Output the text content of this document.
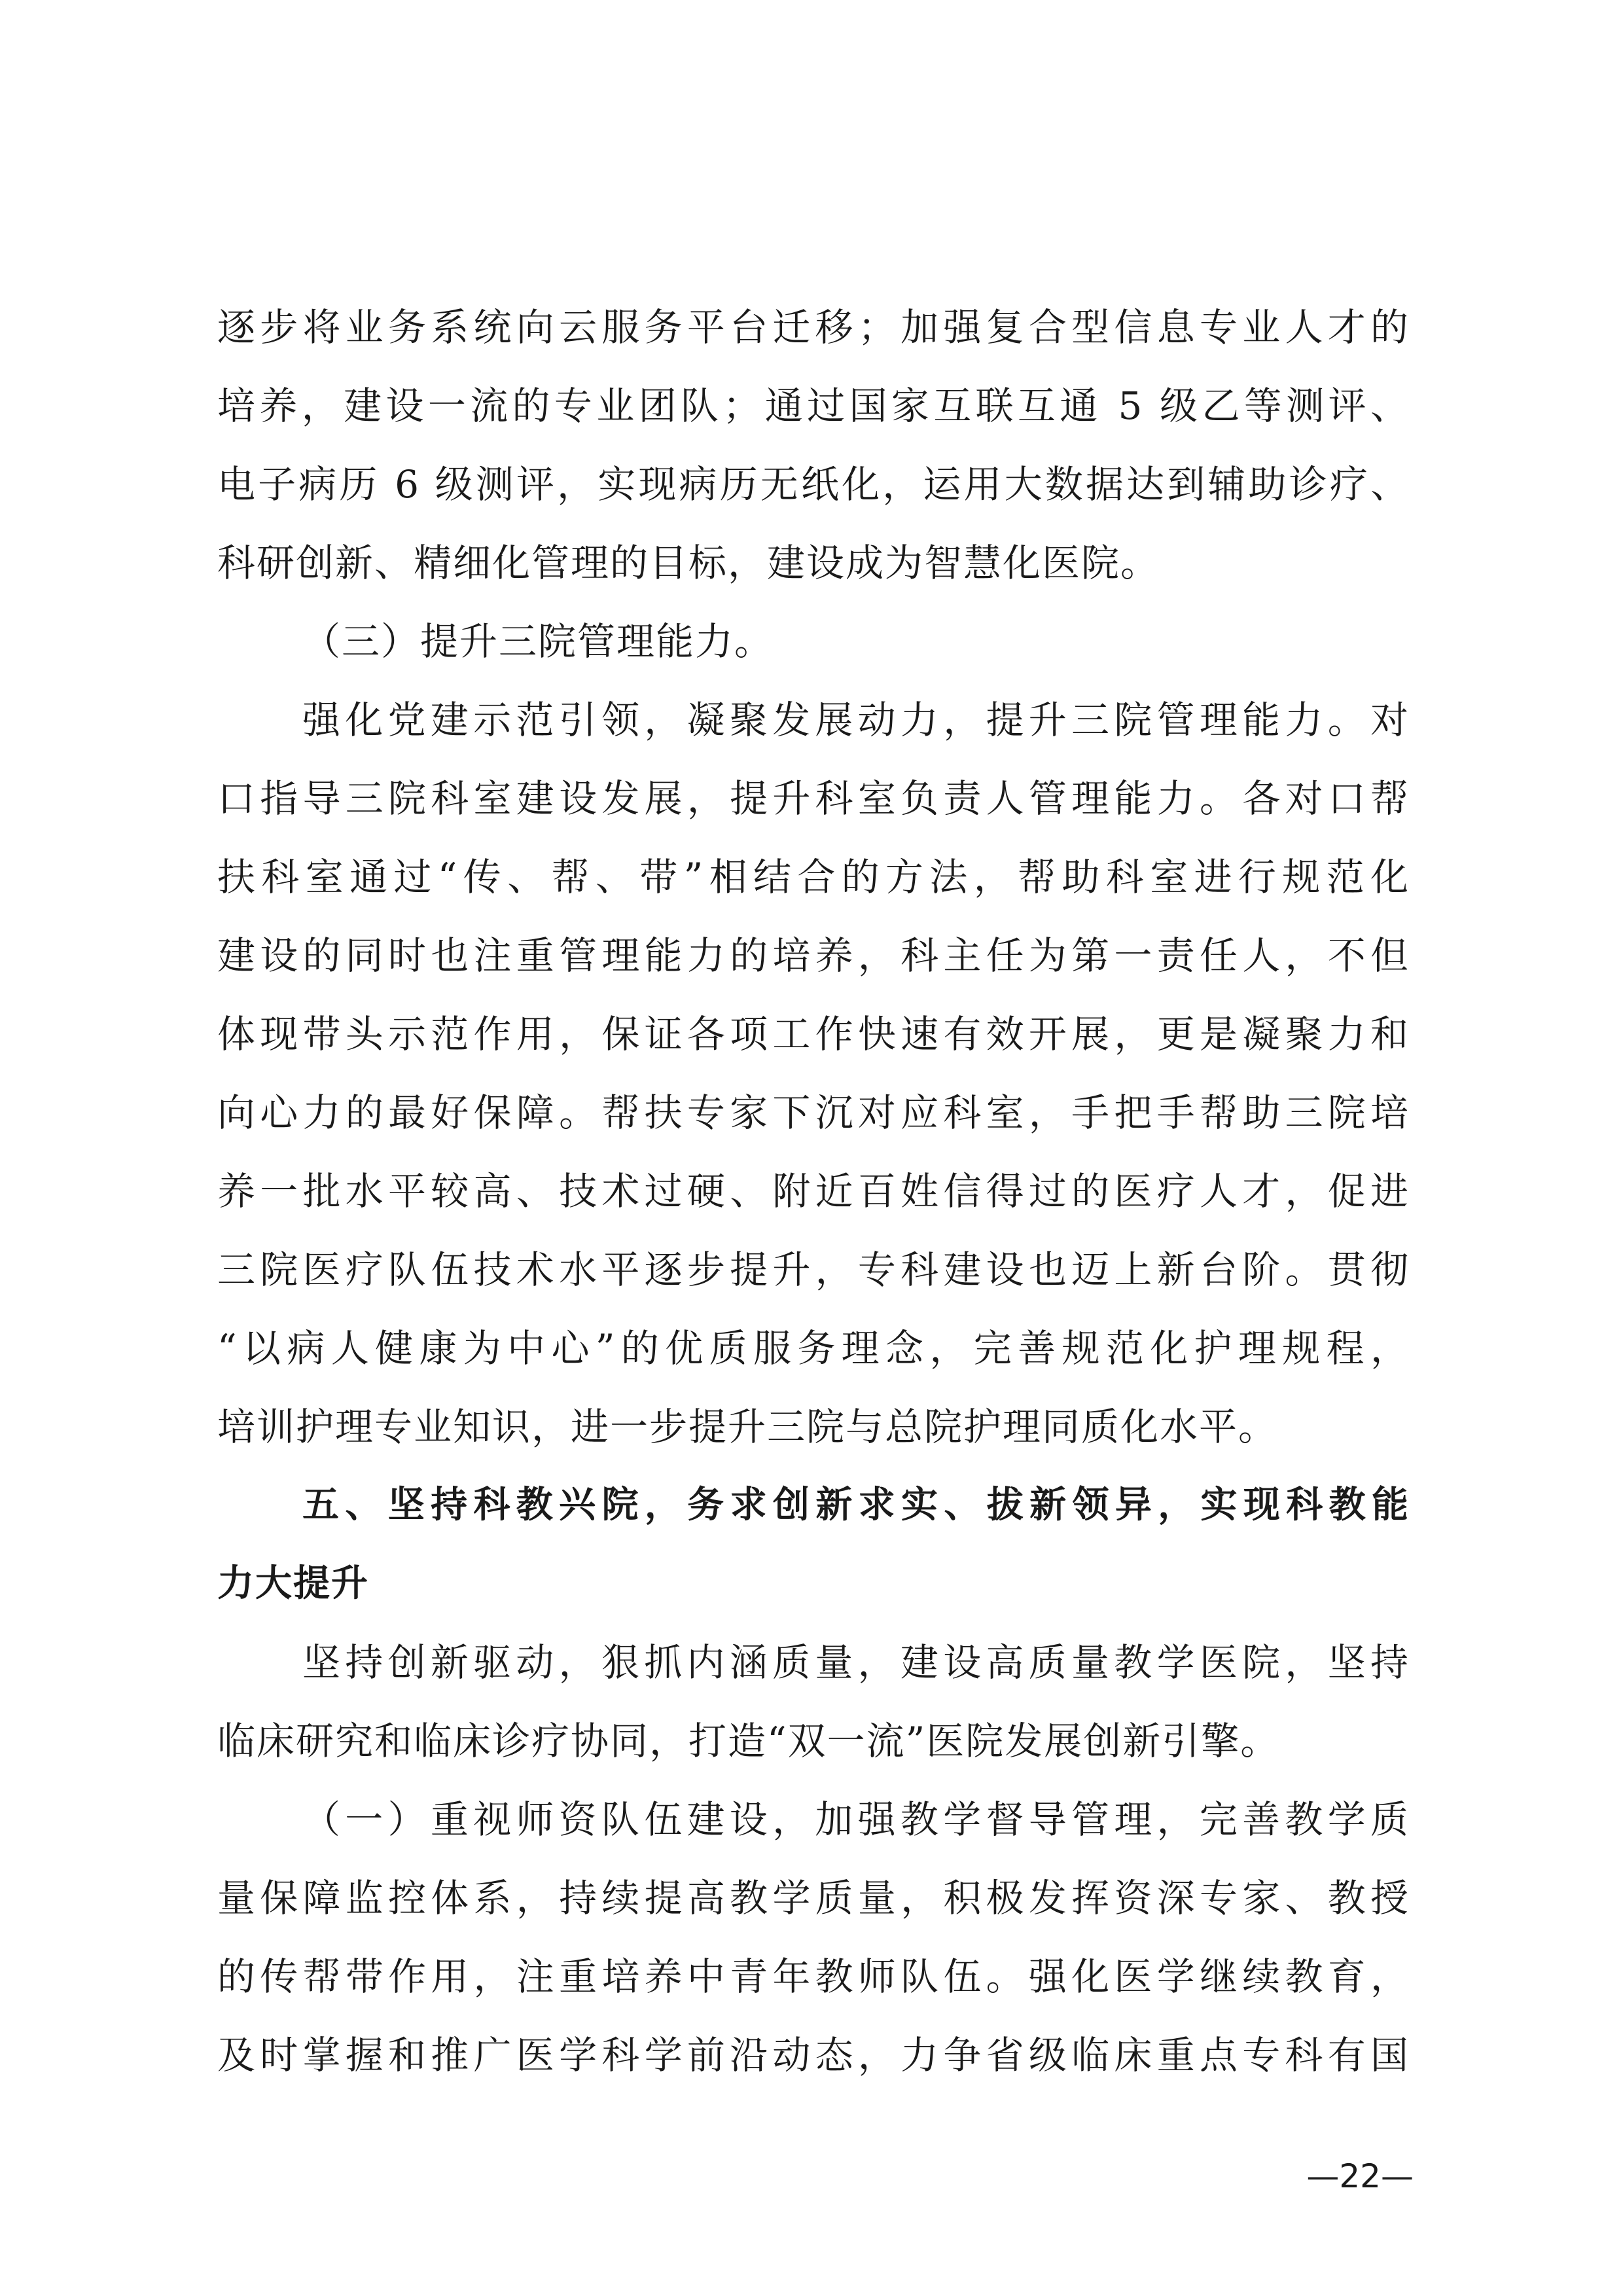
逐步将业务系统向云服务平台迁移；加强复合型信息专业人才的
培养，建设一流的专业团队；通过国家互联互通 5 级乙等测评、
电子病历 6 级测评，实现病历无纸化，运用大数据达到辅助诊疗、
科研创新、精细化管理的目标，建设成为智慧化医院。
（三）提升三院管理能力。
强化党建示范引领，凝聚发展动力，提升三院管理能力。对
口指导三院科室建设发展，提升科室负责人管理能力。各对口帮
扶科室通过“传、帮、带”相结合的方法，帮助科室进行规范化
建设的同时也注重管理能力的培养，科主任为第一责任人，不但
体现带头示范作用，保证各项工作快速有效开展，更是凝聚力和
向心力的最好保障。帮扶专家下沉对应科室，手把手帮助三院培
养一批水平较高、技术过硬、附近百姓信得过的医疗人才，促进
三院医疗队伍技术水平逐步提升，专科建设也迈上新台阶。贯彻
“以病人健康为中心”的优质服务理念，完善规范化护理规程，
培训护理专业知识，进一步提升三院与总院护理同质化水平。
五、坚持科教兴院，务求创新求实、拔新领异，实现科教能
力大提升
坚持创新驱动，狠抓内涵质量，建设高质量教学医院，坚持
临床研究和临床诊疗协同，打造“双一流”医院发展创新引擎。
（一）重视师资队伍建设，加强教学督导管理，完善教学质
量保障监控体系，持续提高教学质量，积极发挥资深专家、教授
的传帮带作用，注重培养中青年教师队伍。强化医学继续教育，
及时掌握和推广医学科学前沿动态，力争省级临床重点专科有国
—22—
